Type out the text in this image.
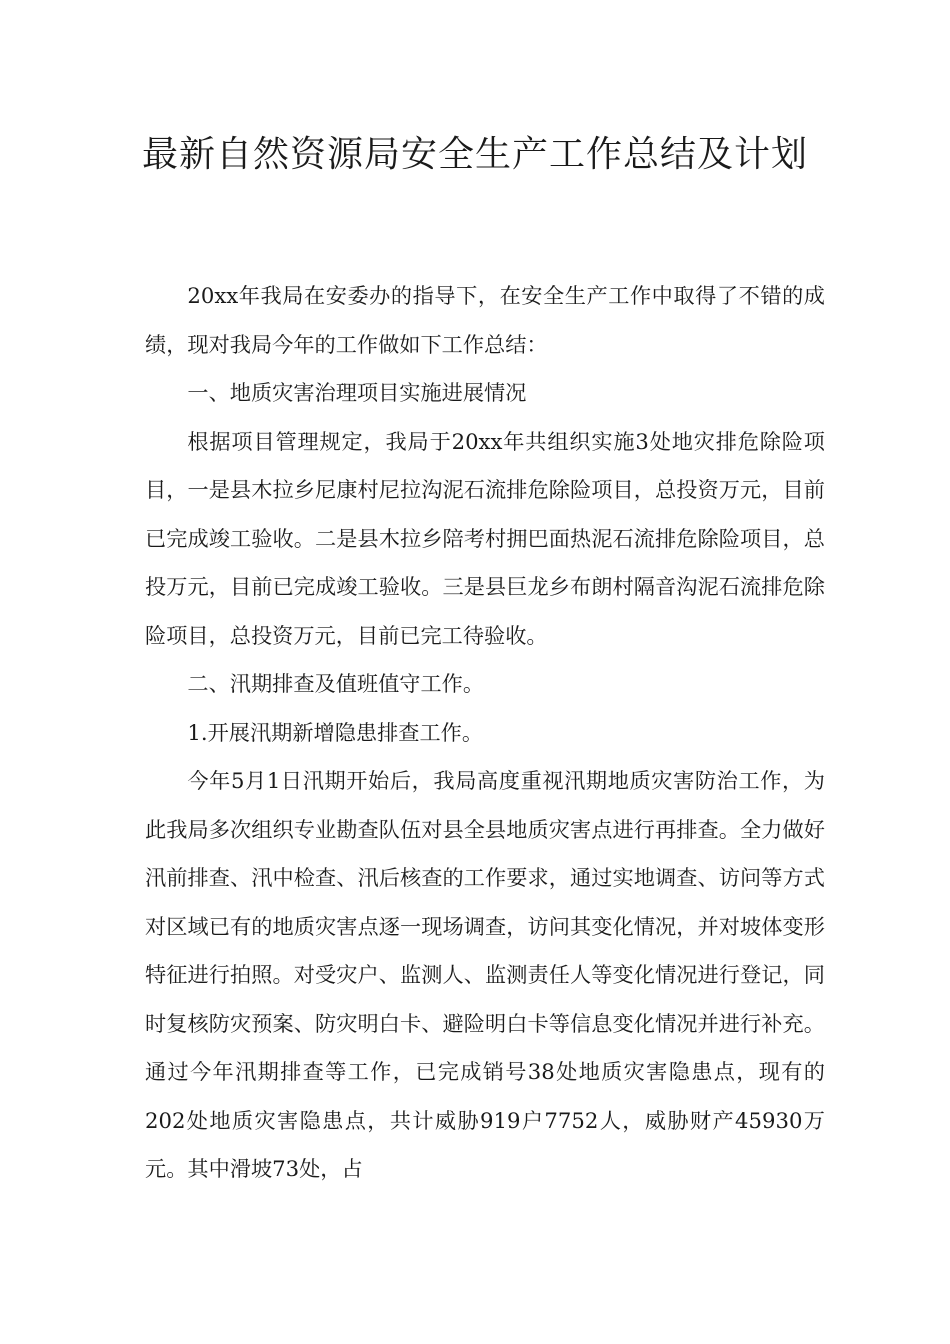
最新自然资源局安全生产工作总结及计划

20xx年我局在安委办的指导下，在安全生产工作中取得了不错的成绩，现对我局今年的工作做如下工作总结：

一、地质灾害治理项目实施进展情况

根据项目管理规定，我局于20xx年共组织实施3处地灾排危除险项目，一是县木拉乡尼康村尼拉沟泥石流排危除险项目，总投资万元，目前已完成竣工验收。二是县木拉乡陪考村拥巴面热泥石流排危除险项目，总投万元，目前已完成竣工验收。三是县巨龙乡布朗村隔音沟泥石流排危除险项目，总投资万元，目前已完工待验收。

二、汛期排查及值班值守工作。

1.开展汛期新增隐患排查工作。

今年5月1日汛期开始后，我局高度重视汛期地质灾害防治工作，为此我局多次组织专业勘查队伍对县全县地质灾害点进行再排查。全力做好汛前排查、汛中检查、汛后核查的工作要求，通过实地调查、访问等方式对区域已有的地质灾害点逐一现场调查，访问其变化情况，并对坡体变形特征进行拍照。对受灾户、监测人、监测责任人等变化情况进行登记，同时复核防灾预案、防灾明白卡、避险明白卡等信息变化情况并进行补充。通过今年汛期排查等工作，已完成销号38处地质灾害隐患点，现有的202处地质灾害隐患点，共计威胁919户7752人，威胁财产45930万元。其中滑坡73处，占
